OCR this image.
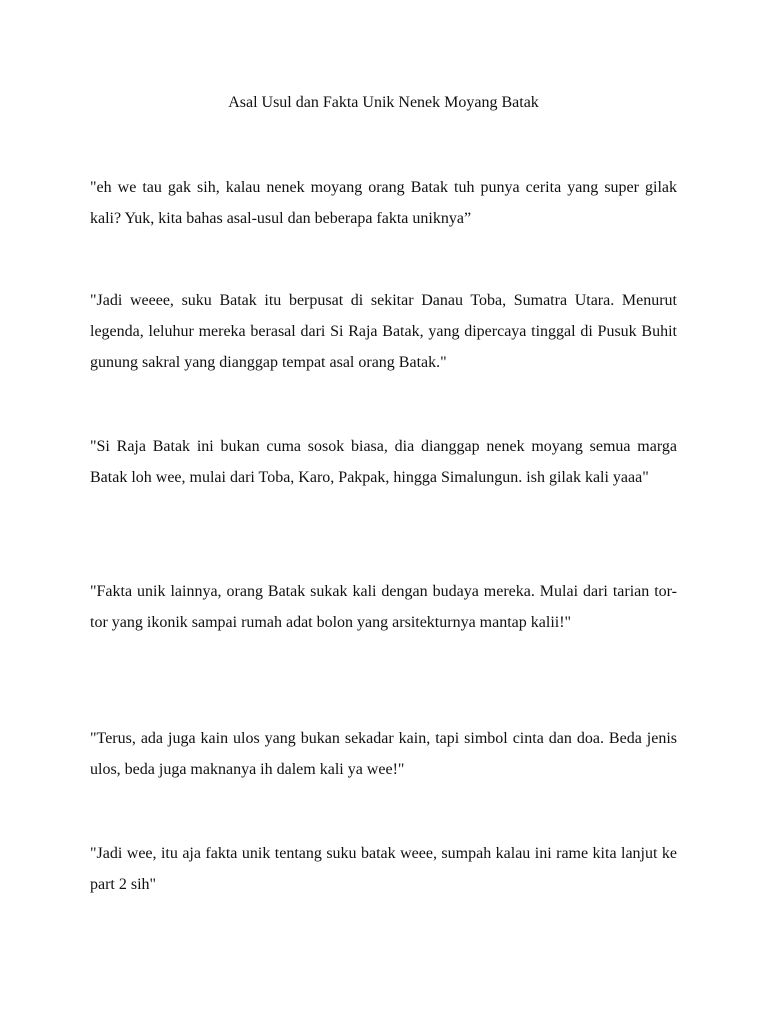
Asal Usul dan Fakta Unik Nenek Moyang Batak

"eh we tau gak sih, kalau nenek moyang orang Batak tuh punya cerita yang super gilak kali? Yuk, kita bahas asal-usul dan beberapa fakta uniknya”

"Jadi weeee, suku Batak itu berpusat di sekitar Danau Toba, Sumatra Utara. Menurut legenda, leluhur mereka berasal dari Si Raja Batak, yang dipercaya tinggal di Pusuk Buhit gunung sakral yang dianggap tempat asal orang Batak."

"Si Raja Batak ini bukan cuma sosok biasa, dia dianggap nenek moyang semua marga Batak loh wee, mulai dari Toba, Karo, Pakpak, hingga Simalungun. ish gilak kali yaaa"

"Fakta unik lainnya, orang Batak sukak kali dengan budaya mereka. Mulai dari tarian tor-tor yang ikonik sampai rumah adat bolon yang arsitekturnya mantap kalii!"

"Terus, ada juga kain ulos yang bukan sekadar kain, tapi simbol cinta dan doa. Beda jenis ulos, beda juga maknanya ih dalem kali ya wee!"

"Jadi wee, itu aja fakta unik tentang suku batak weee, sumpah kalau ini rame kita lanjut ke part 2 sih"
